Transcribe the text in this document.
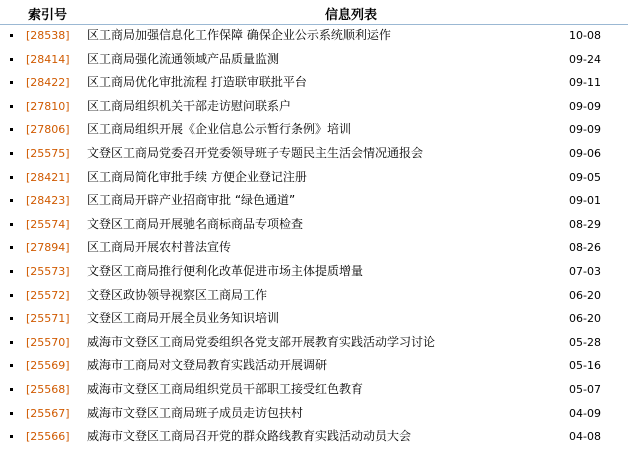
索引号	信息列表
[28538] 区工商局加强信息化工作保障 确保企业公示系统顺利运作	10-08
[28414] 区工商局强化流通领域产品质量监测	09-24
[28422] 区工商局优化审批流程 打造联审联批平台	09-11
[27810] 区工商局组织机关干部走访慰问联系户	09-09
[27806] 区工商局组织开展《企业信息公示暂行条例》培训	09-09
[25575] 文登区工商局党委召开党委领导班子专题民主生活会情况通报会	09-06
[28421] 区工商局简化审批手续 方便企业登记注册	09-05
[28423] 区工商局开辟产业招商审批 “绿色通道”	09-01
[25574] 文登区工商局开展驰名商标商品专项检查	08-29
[27894] 区工商局开展农村普法宣传	08-26
[25573] 文登区工商局推行便利化改革促进市场主体提质增量	07-03
[25572] 文登区政协领导视察区工商局工作	06-20
[25571] 文登区工商局开展全员业务知识培训	06-20
[25570] 威海市文登区工商局党委组织各党支部开展教育实践活动学习讨论	05-28
[25569] 威海市工商局对文登局教育实践活动开展调研	05-16
[25568] 威海市文登区工商局组织党员干部职工接受红色教育	05-07
[25567] 威海市文登区工商局班子成员走访包扶村	04-09
[25566] 威海市文登区工商局召开党的群众路线教育实践活动动员大会	04-08
